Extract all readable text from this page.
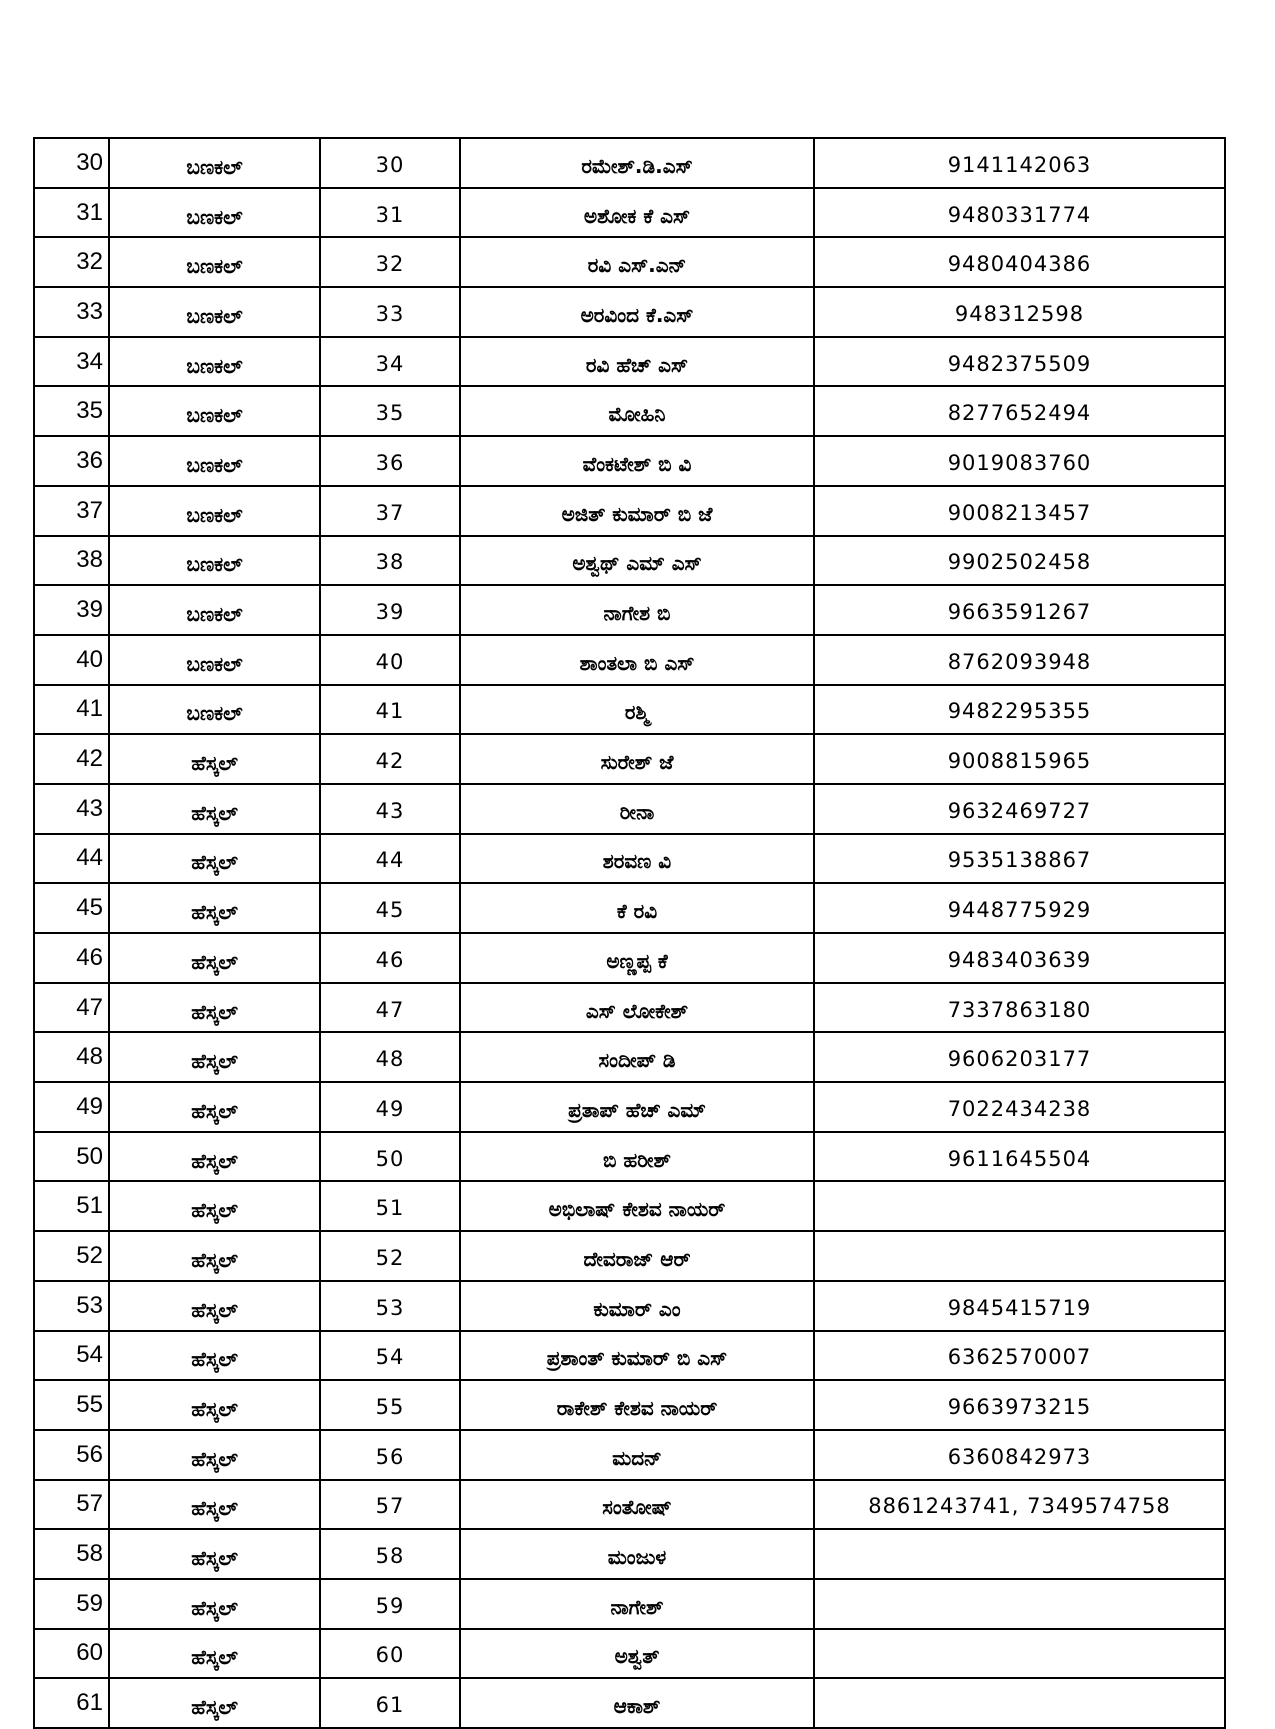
30	ಬಣಕಲ್	30	ರಮೇಶ್.ಡಿ.ಎಸ್	9141142063
31	ಬಣಕಲ್	31	ಅಶೋಕ ಕೆ ಎಸ್	9480331774
32	ಬಣಕಲ್	32	ರವಿ ಎಸ್.ಎನ್	9480404386
33	ಬಣಕಲ್	33	ಅರವಿಂದ ಕೆ.ಎಸ್	948312598
34	ಬಣಕಲ್	34	ರವಿ ಹೆಚ್ ಎಸ್	9482375509
35	ಬಣಕಲ್	35	ಮೋಹಿನಿ	8277652494
36	ಬಣಕಲ್	36	ವೆಂಕಟೇಶ್ ಬಿ ವಿ	9019083760
37	ಬಣಕಲ್	37	ಅಜಿತ್ ಕುಮಾರ್ ಬಿ ಜೆ	9008213457
38	ಬಣಕಲ್	38	ಅಶ್ವಥ್ ಎಮ್ ಎಸ್	9902502458
39	ಬಣಕಲ್	39	ನಾಗೇಶ ಬಿ	9663591267
40	ಬಣಕಲ್	40	ಶಾಂತಲಾ ಬಿ ಎಸ್	8762093948
41	ಬಣಕಲ್	41	ರಶ್ಮಿ	9482295355
42	ಹೆಸ್ಕಲ್	42	ಸುರೇಶ್ ಜೆ	9008815965
43	ಹೆಸ್ಕಲ್	43	ರೀನಾ	9632469727
44	ಹೆಸ್ಕಲ್	44	ಶರವಣ ವಿ	9535138867
45	ಹೆಸ್ಕಲ್	45	ಕೆ ರವಿ	9448775929
46	ಹೆಸ್ಕಲ್	46	ಅಣ್ಣಪ್ಪ ಕೆ	9483403639
47	ಹೆಸ್ಕಲ್	47	ಎಸ್ ಲೋಕೇಶ್	7337863180
48	ಹೆಸ್ಕಲ್	48	ಸಂದೀಪ್ ಡಿ	9606203177
49	ಹೆಸ್ಕಲ್	49	ಪ್ರತಾಪ್ ಹೆಚ್ ಎಮ್	7022434238
50	ಹೆಸ್ಕಲ್	50	ಬಿ ಹರೀಶ್	9611645504
51	ಹೆಸ್ಕಲ್	51	ಅಭಿಲಾಷ್ ಕೇಶವ ನಾಯರ್	
52	ಹೆಸ್ಕಲ್	52	ದೇವರಾಜ್ ಆರ್	
53	ಹೆಸ್ಕಲ್	53	ಕುಮಾರ್ ಎಂ	9845415719
54	ಹೆಸ್ಕಲ್	54	ಪ್ರಶಾಂತ್ ಕುಮಾರ್ ಬಿ ಎಸ್	6362570007
55	ಹೆಸ್ಕಲ್	55	ರಾಕೇಶ್ ಕೇಶವ ನಾಯರ್	9663973215
56	ಹೆಸ್ಕಲ್	56	ಮದನ್	6360842973
57	ಹೆಸ್ಕಲ್	57	ಸಂತೋಷ್	8861243741, 7349574758
58	ಹೆಸ್ಕಲ್	58	ಮಂಜುಳ	
59	ಹೆಸ್ಕಲ್	59	ನಾಗೇಶ್	
60	ಹೆಸ್ಕಲ್	60	ಅಶ್ವತ್	
61	ಹೆಸ್ಕಲ್	61	ಆಕಾಶ್	
